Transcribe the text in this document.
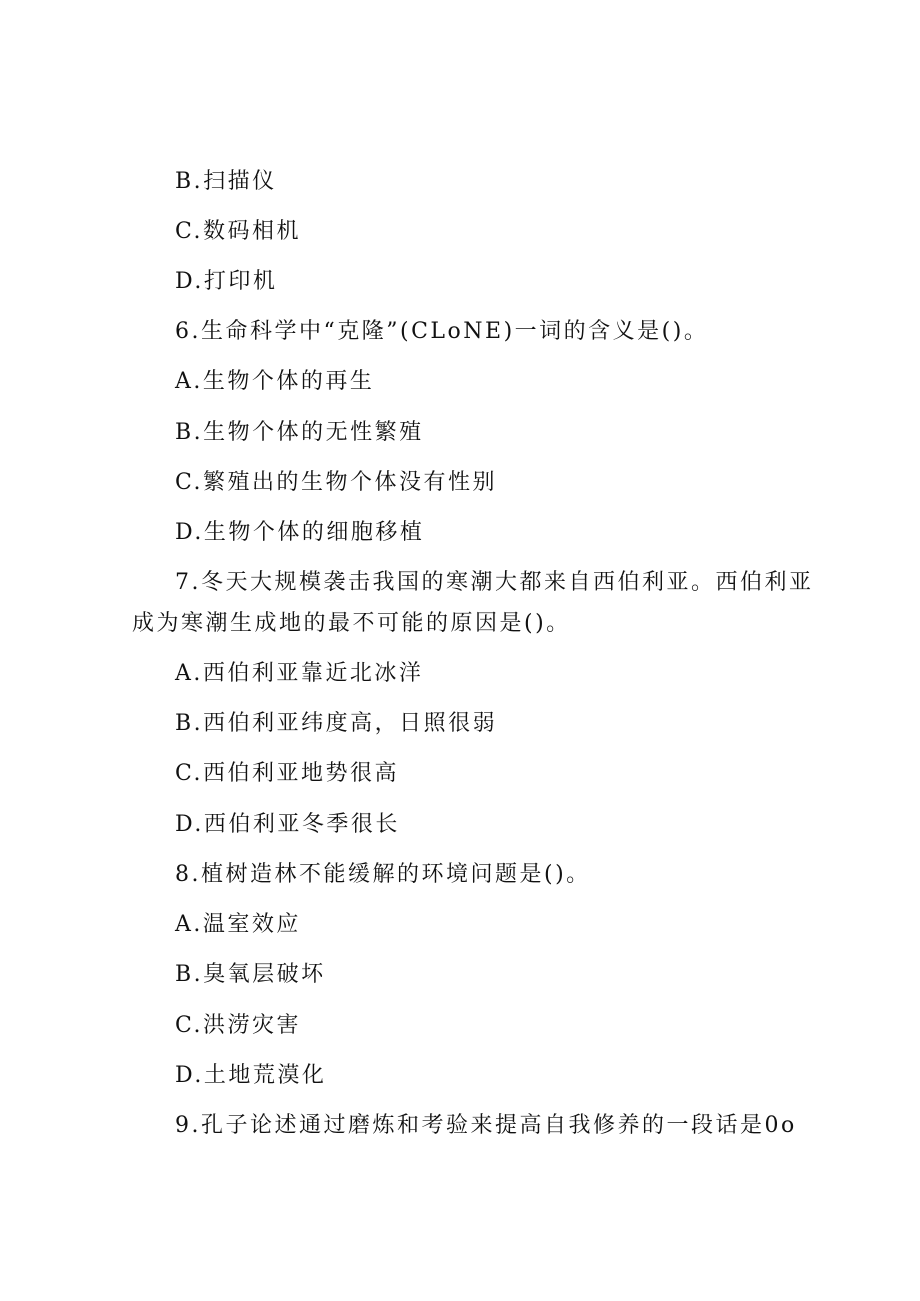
B.扫描仪
C.数码相机
D.打印机
6.生命科学中“克隆”(CLoNE)一词的含义是()。
A.生物个体的再生
B.生物个体的无性繁殖
C.繁殖出的生物个体没有性别
D.生物个体的细胞移植
7.冬天大规模袭击我国的寒潮大都来自西伯利亚。西伯利亚
成为寒潮生成地的最不可能的原因是()。
A.西伯利亚靠近北冰洋
B.西伯利亚纬度高，日照很弱
C.西伯利亚地势很高
D.西伯利亚冬季很长
8.植树造林不能缓解的环境问题是()。
A.温室效应
B.臭氧层破坏
C.洪涝灾害
D.土地荒漠化
9.孔子论述通过磨炼和考验来提高自我修养的一段话是0o
